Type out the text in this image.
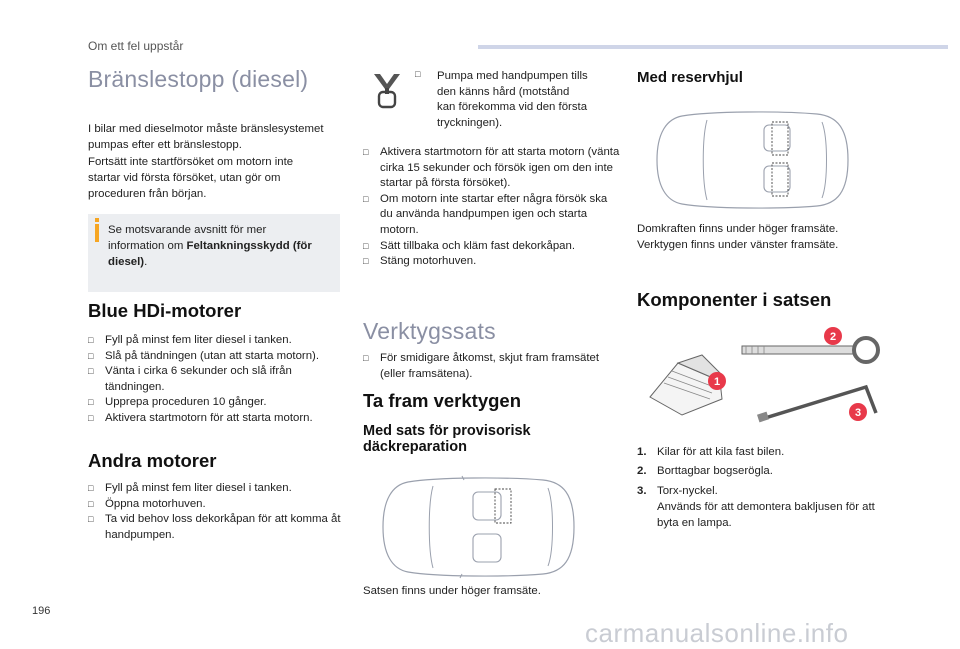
Om ett fel uppstår
Bränslestopp (diesel)
I bilar med dieselmotor måste bränslesystemet
pumpas efter ett bränslestopp.
Fortsätt inte startförsöket om motorn inte
startar vid första försöket, utan gör om
proceduren från början.
Se motsvarande avsnitt för mer
information om Feltankningsskydd (för
diesel).
Blue HDi-motorer
□ Fyll på minst fem liter diesel i tanken.
□ Slå på tändningen (utan att starta motorn).
□ Vänta i cirka 6 sekunder och slå ifrån tändningen.
□ Upprepa proceduren 10 gånger.
□ Aktivera startmotorn för att starta motorn.
Andra motorer
□ Fyll på minst fem liter diesel i tanken.
□ Öppna motorhuven.
□ Ta vid behov loss dekorkåpan för att komma åt handpumpen.
□ Pumpa med handpumpen tills
den känns hård (motstånd
kan förekomma vid den första
tryckningen).
□ Aktivera startmotorn för att starta motorn (vänta cirka 15 sekunder och försök igen om den inte startar på första försöket).
□ Om motorn inte startar efter några försök ska du använda handpumpen igen och starta motorn.
□ Sätt tillbaka och kläm fast dekorkåpan.
□ Stäng motorhuven.
Verktygssats
□ För smidigare åtkomst, skjut fram framsätet (eller framsätena).
Ta fram verktygen
Med sats för provisorisk
däckreparation
Satsen finns under höger framsäte.
Med reservhjul
Domkraften finns under höger framsäte.
Verktygen finns under vänster framsäte.
Komponenter i satsen
2
1
3
1. Kilar för att kila fast bilen.
2. Borttagbar bogserögla.
3. Torx-nyckel.
Används för att demontera bakljusen för att byta en lampa.
196
carmanualsonline.info
